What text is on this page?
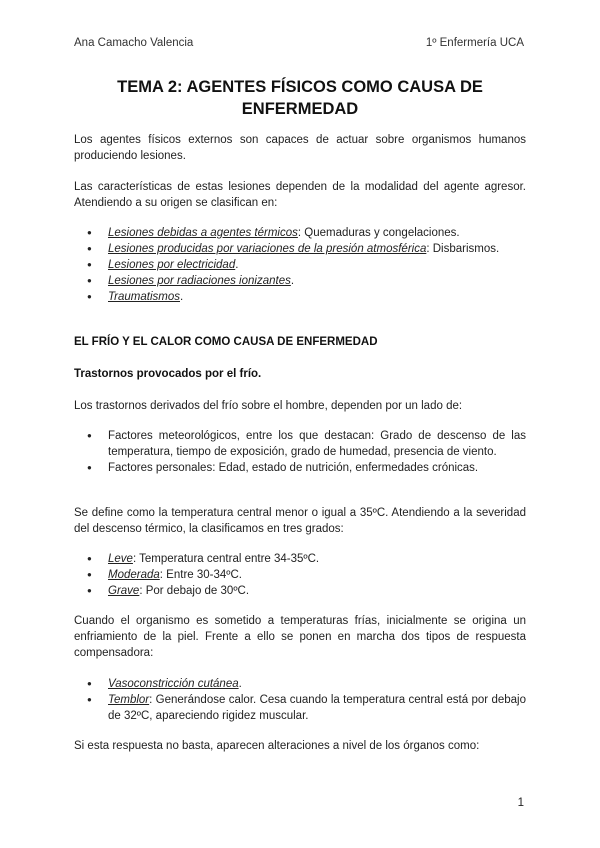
Ana Camacho Valencia	1º Enfermería UCA
TEMA 2: AGENTES FÍSICOS COMO CAUSA DE ENFERMEDAD
Los agentes físicos externos son capaces de actuar sobre organismos humanos produciendo lesiones.
Las características de estas lesiones dependen de la modalidad del agente agresor. Atendiendo a su origen se clasifican en:
● Lesiones debidas a agentes térmicos: Quemaduras y congelaciones.
● Lesiones producidas por variaciones de la presión atmosférica: Disbarismos.
● Lesiones por electricidad.
● Lesiones por radiaciones ionizantes.
● Traumatismos.
EL FRÍO Y EL CALOR COMO CAUSA DE ENFERMEDAD
Trastornos provocados por el frío.
Los trastornos derivados del frío sobre el hombre, dependen por un lado de:
● Factores meteorológicos, entre los que destacan: Grado de descenso de las temperatura, tiempo de exposición, grado de humedad, presencia de viento.
● Factores personales: Edad, estado de nutrición, enfermedades crónicas.
Se define como la temperatura central menor o igual a 35ºC. Atendiendo a la severidad del descenso térmico, la clasificamos en tres grados:
● Leve: Temperatura central entre 34-35ºC.
● Moderada: Entre 30-34ºC.
● Grave: Por debajo de 30ºC.
Cuando el organismo es sometido a temperaturas frías, inicialmente se origina un enfriamiento de la piel. Frente a ello se ponen en marcha dos tipos de respuesta compensadora:
● Vasoconstricción cutánea.
● Temblor: Generándose calor. Cesa cuando la temperatura central está por debajo de 32ºC, apareciendo rigidez muscular.
Si esta respuesta no basta, aparecen alteraciones a nivel de los órganos como:
1
